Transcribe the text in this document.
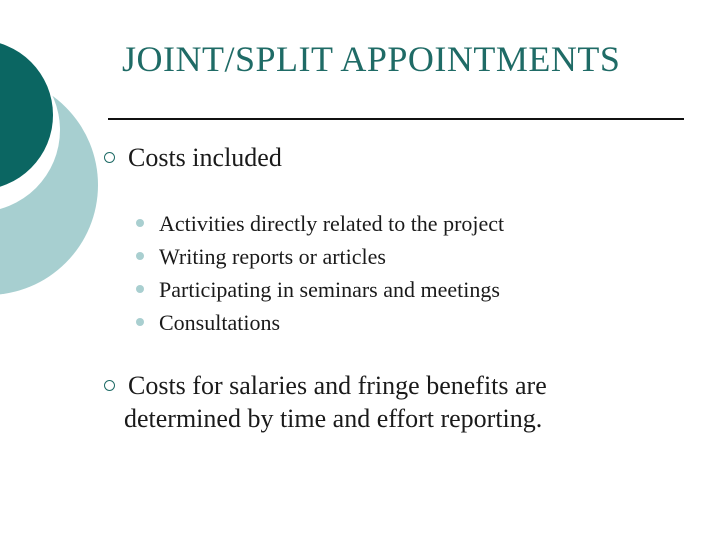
JOINT/SPLIT APPOINTMENTS
Costs included
Activities directly related to the project
Writing reports or articles
Participating in seminars and meetings
Consultations
Costs for salaries and fringe benefits are
determined by time and effort reporting.
